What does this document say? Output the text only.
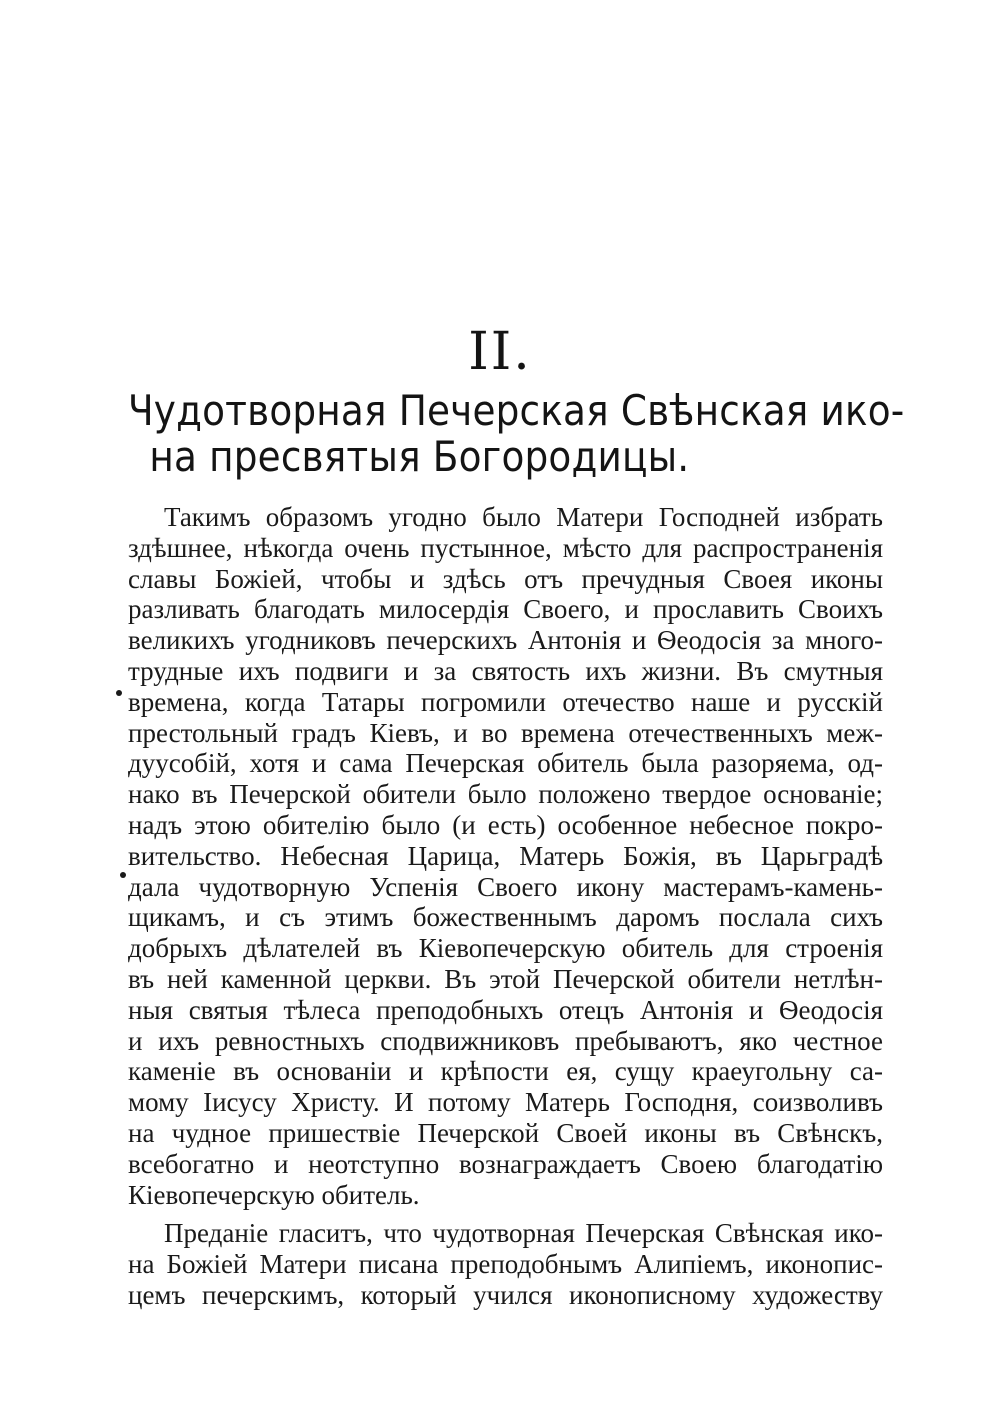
II.
Чудотворная Печерская Свѣнская ико-
на пресвятыя Богородицы.
Такимъ образомъ угодно было Матери Господней избрать
здѣшнее, нѣкогда очень пустынное, мѣсто для распространенія
славы Божіей, чтобы и здѣсь отъ пречудныя Своея иконы
разливать благодать милосердія Своего, и прославить Своихъ
великихъ угодниковъ печерскихъ Антонія и Ѳеодосія за много-
трудные ихъ подвиги и за святость ихъ жизни. Въ смутныя
времена, когда Татары погромили отечество наше и русскій
престольный градъ Кіевъ, и во времена отечественныхъ меж-
дуусобій, хотя и сама Печерская обитель была разоряема, од-
нако въ Печерской обители было положено твердое основаніе;
надъ этою обителію было (и есть) особенное небесное покро-
вительство. Небесная Царица, Матерь Божія, въ Царьградѣ
дала чудотворную Успенія Своего икону мастерамъ-камень-
щикамъ, и съ этимъ божественнымъ даромъ послала сихъ
добрыхъ дѣлателей въ Кіевопечерскую обитель для строенія
въ ней каменной церкви. Въ этой Печерской обители нетлѣн-
ныя святыя тѣлеса преподобныхъ отецъ Антонія и Ѳеодосія
и ихъ ревностныхъ сподвижниковъ пребываютъ, яко честное
каменіе въ основаніи и крѣпости ея, сущу краеугольну са-
мому Іисусу Христу. И потому Матерь Господня, соизволивъ
на чудное пришествіе Печерской Своей иконы въ Свѣнскъ,
всебогатно и неотступно вознаграждаетъ Своею благодатію
Кіевопечерскую обитель.
Преданіе гласитъ, что чудотворная Печерская Свѣнская ико-
на Божіей Матери писана преподобнымъ Алипіемъ, иконопис-
цемъ печерскимъ, который учился иконописному художеству
